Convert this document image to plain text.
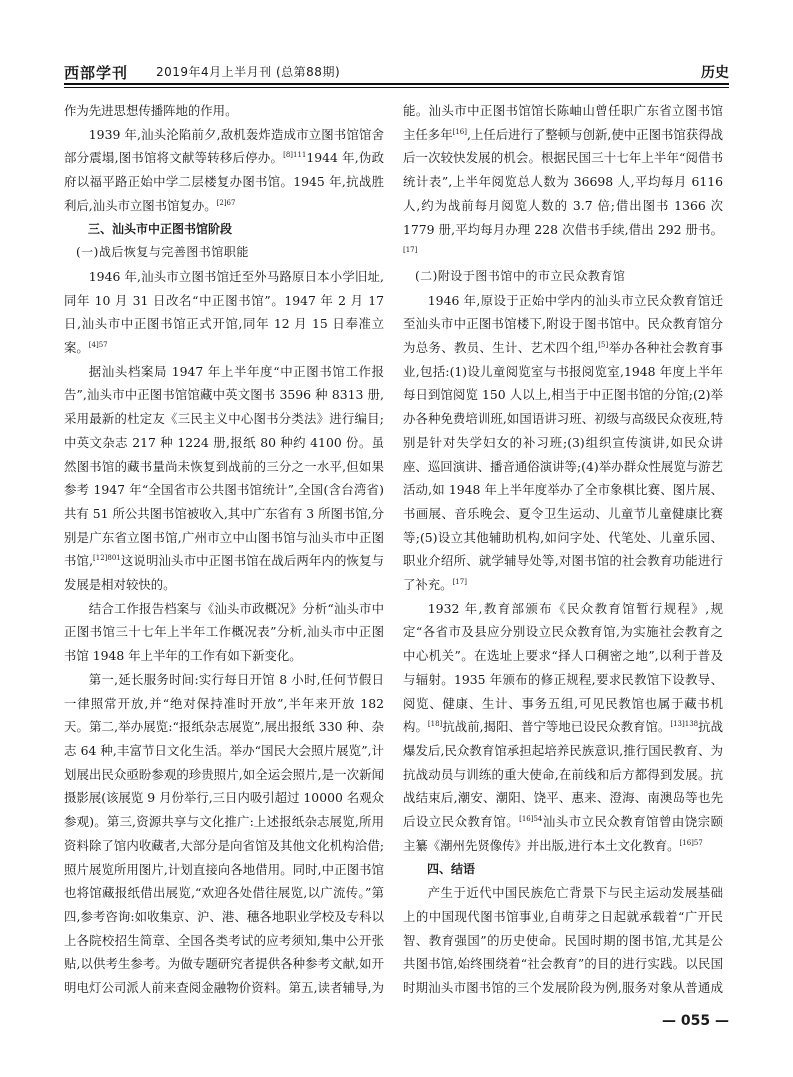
西部学刊 2019年4月上半月刊 (总第88期)	历史

作为先进思想传播阵地的作用。

1939 年,汕头沦陷前夕,敌机轰炸造成市立图书馆馆舍部分震塌,图书馆将文献等转移后停办。$^{[8]111}$1944 年,伪政府以福平路正始中学二层楼复办图书馆。1945 年,抗战胜利后,汕头市立图书馆复办。$^{[2]67}$

三、汕头市中正图书馆阶段

(一)战后恢复与完善图书馆职能

1946 年,汕头市立图书馆迁至外马路原日本小学旧址,同年 10 月 31 日改名“中正图书馆”。1947 年 2 月 17 日,汕头市中正图书馆正式开馆,同年 12 月 15 日奉准立案。$^{[4]57}$

据汕头档案局 1947 年上半年度“中正图书馆工作报告”,汕头市中正图书馆馆藏中英文图书 3596 种 8313 册,采用最新的杜定友《三民主义中心图书分类法》进行编目;中英文杂志 217 种 1224 册,报纸 80 种约 4100 份。虽然图书馆的藏书量尚未恢复到战前的三分之一水平,但如果参考 1947 年“全国省市公共图书馆统计”,全国(含台湾省)共有 51 所公共图书馆被收入,其中广东省有 3 所图书馆,分别是广东省立图书馆,广州市立中山图书馆与汕头市中正图书馆,$^{[12]801}$这说明汕头市中正图书馆在战后两年内的恢复与发展是相对较快的。

结合工作报告档案与《汕头市政概况》分析“汕头市中正图书馆三十七年上半年工作概况表”分析,汕头市中正图书馆 1948 年上半年的工作有如下新变化。

第一,延长服务时间:实行每日开馆 8 小时,任何节假日一律照常开放,并“绝对保持准时开放”,半年来开放 182 天。第二,举办展览:“报纸杂志展览”,展出报纸 330 种、杂志 64 种,丰富节日文化生活。举办“国民大会照片展览”,计划展出民众亟盼参观的珍贵照片,如全运会照片,是一次新闻摄影展(该展览 9 月份举行,三日内吸引超过 10000 名观众参观)。第三,资源共享与文化推广:上述报纸杂志展览,所用资料除了馆内收藏者,大部分是向省馆及其他文化机构洽借;照片展览所用图片,计划直接向各地借用。同时,中正图书馆也将馆藏报纸借出展览,“欢迎各处借往展览,以广流传。”第四,参考咨询:如收集京、沪、港、穗各地职业学校及专科以上各院校招生简章、全国各类考试的应考须知,集中公开张贴,以供考生参考。为做专题研究者提供各种参考文献,如开明电灯公司派人前来查阅金融物价资料。第五,读者辅导,为

能。汕头市中正图书馆馆长陈岫山曾任职广东省立图书馆主任多年[16],上任后进行了整顿与创新,使中正图书馆获得战后一次较快发展的机会。根据民国三十七年上半年“阅借书统计表”,上半年阅览总人数为 36698 人,平均每月 6116 人,约为战前每月阅览人数的 3.7 倍;借出图书 1366 次 1779 册,平均每月办理 228 次借书手续,借出 292 册书。[17]

(二)附设于图书馆中的市立民众教育馆

1946 年,原设于正始中学内的汕头市立民众教育馆迁至汕头市中正图书馆楼下,附设于图书馆中。民众教育馆分为总务、教员、生计、艺术四个组,[5]举办各种社会教育事业,包括:(1)设儿童阅览室与书报阅览室,1948 年度上半年每日到馆阅览 150 人以上,相当于中正图书馆的分馆;(2)举办各种免费培训班,如国语讲习班、初级与高级民众夜班,特别是针对失学妇女的补习班;(3)组织宣传演讲,如民众讲座、巡回演讲、播音通俗演讲等;(4)举办群众性展览与游艺活动,如 1948 年上半年度举办了全市象棋比赛、图片展、书画展、音乐晚会、夏令卫生运动、儿童节儿童健康比赛等;(5)设立其他辅助机构,如问字处、代笔处、儿童乐园、职业介绍所、就学辅导处等,对图书馆的社会教育功能进行了补充。[17]

1932 年,教育部颁布《民众教育馆暂行规程》,规定“各省市及县应分别设立民众教育馆,为实施社会教育之中心机关”。在选址上要求“择人口稠密之地”,以利于普及与辐射。1935 年颁布的修正规程,要求民教馆下设教导、阅览、健康、生计、事务五组,可见民教馆也属于藏书机构。[18]抗战前,揭阳、普宁等地已设民众教育馆。$^{[13]138}$抗战爆发后,民众教育馆承担起培养民族意识,推行国民教育、为抗战动员与训练的重大使命,在前线和后方都得到发展。抗战结束后,潮安、潮阳、饶平、惠来、澄海、南澳岛等也先后设立民众教育馆。$^{[16]54}$汕头市立民众教育馆曾由饶宗颐主纂《潮州先贤像传》并出版,进行本土文化教育。$^{[16]57}$

四、结语

产生于近代中国民族危亡背景下与民主运动发展基础上的中国现代图书馆事业,自萌芽之日起就承载着“广开民智、教育强国”的历史使命。民国时期的图书馆,尤其是公共图书馆,始终围绕着“社会教育”的目的进行实践。以民国时期汕头市图书馆的三个发展阶段为例,服务对象从普通成

— 055 —
